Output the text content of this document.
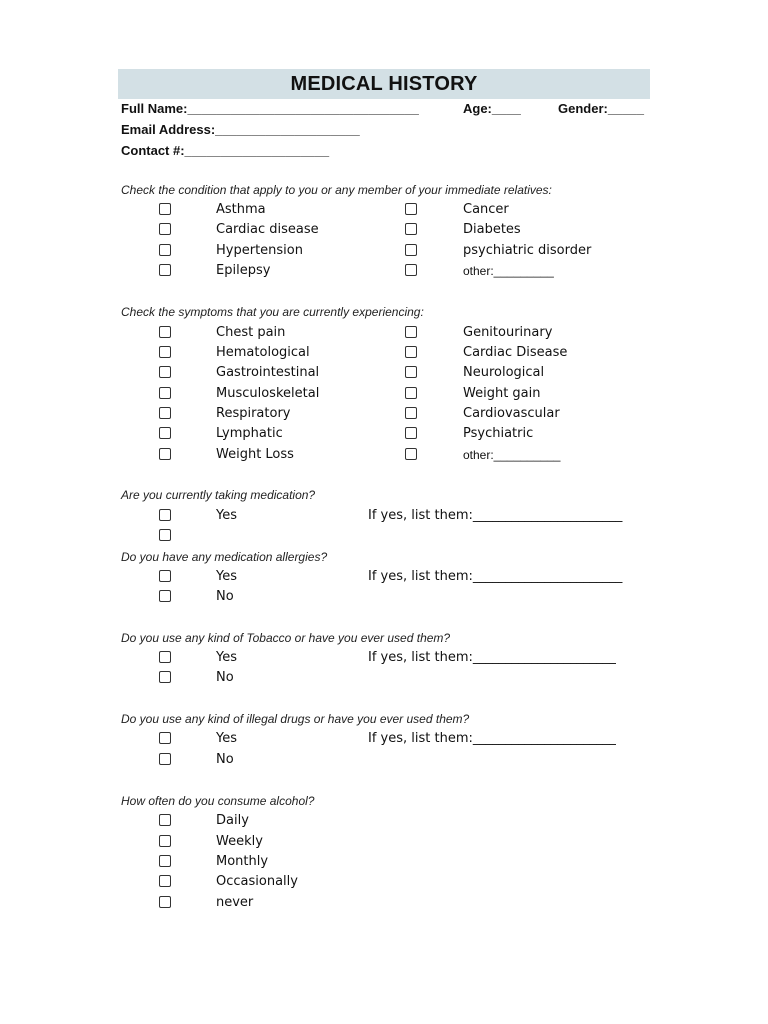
MEDICAL HISTORY
Full Name:________________________________	Age:____	Gender:_____
Email Address:____________________
Contact #:____________________
Check the condition that apply to you or any member of your immediate relatives:
Asthma	Cancer
Cardiac disease	Diabetes
Hypertension	psychiatric disorder
Epilepsy	other:_________
Check the symptoms that you are currently experiencing:
Chest pain	Genitourinary
Hematological	Cardiac Disease
Gastrointestinal	Neurological
Musculoskeletal	Weight gain
Respiratory	Cardiovascular
Lymphatic	Psychiatric
Weight Loss	other:__________
Are you currently taking medication?
Yes	If yes, list them:_______________________
Do you have any medication allergies?
Yes	If yes, list them:_______________________
No
Do you use any kind of Tobacco or have you ever used them?
Yes	If yes, list them:______________________
No
Do you use any kind of illegal drugs or have you ever used them?
Yes	If yes, list them:______________________
No
How often do you consume alcohol?
Daily
Weekly
Monthly
Occasionally
never
